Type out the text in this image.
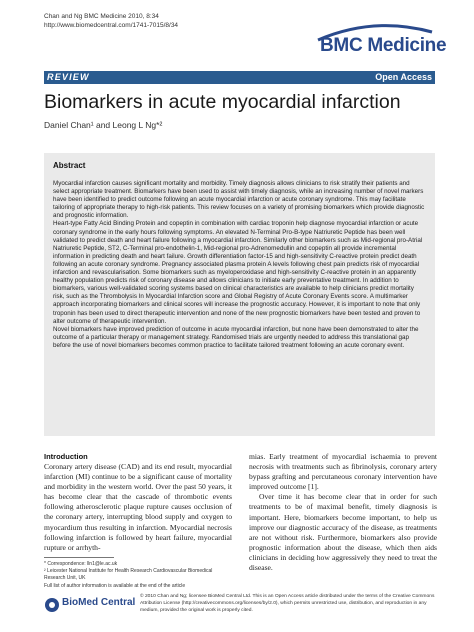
Chan and Ng BMC Medicine 2010, 8:34
http://www.biomedcentral.com/1741-7015/8/34
BMC Medicine
REVIEW	Open Access
Biomarkers in acute myocardial infarction
Daniel Chan¹ and Leong L Ng*²
Abstract

Myocardial infarction causes significant mortality and morbidity. Timely diagnosis allows clinicians to risk stratify their patients and select appropriate treatment. Biomarkers have been used to assist with timely diagnosis, while an increasing number of novel markers have been identified to predict outcome following an acute myocardial infarction or acute coronary syndrome. This may facilitate tailoring of appropriate therapy to high-risk patients. This review focuses on a variety of promising biomarkers which provide diagnostic and prognostic information.

Heart-type Fatty Acid Binding Protein and copeptin in combination with cardiac troponin help diagnose myocardial infarction or acute coronary syndrome in the early hours following symptoms. An elevated N-Terminal Pro-B-type Natriuretic Peptide has been well validated to predict death and heart failure following a myocardial infarction. Similarly other biomarkers such as Mid-regional pro-Atrial Natriuretic Peptide, ST2, C-Terminal pro-endothelin-1, Mid-regional pro-Adrenomedullin and copeptin all provide incremental information in predicting death and heart failure. Growth differentiation factor-15 and high-sensitivity C-reactive protein predict death following an acute coronary syndrome. Pregnancy associated plasma protein A levels following chest pain predicts risk of myocardial infarction and revascularisation. Some biomarkers such as myeloperoxidase and high-sensitivity C-reactive protein in an apparently healthy population predicts risk of coronary disease and allows clinicians to initiate early preventative treatment. In addition to biomarkers, various well-validated scoring systems based on clinical characteristics are available to help clinicians predict mortality risk, such as the Thrombolysis In Myocardial Infarction score and Global Registry of Acute Coronary Events score. A multimarker approach incorporating biomarkers and clinical scores will increase the prognostic accuracy. However, it is important to note that only troponin has been used to direct therapeutic intervention and none of the new prognostic biomarkers have been tested and proven to alter outcome of therapeutic intervention.

Novel biomarkers have improved prediction of outcome in acute myocardial infarction, but none have been demonstrated to alter the outcome of a particular therapy or management strategy. Randomised trials are urgently needed to address this translational gap before the use of novel biomarkers becomes common practice to facilitate tailored treatment following an acute coronary event.

Introduction
Coronary artery disease (CAD) and its end result, myocardial infarction (MI) continue to be a significant cause of mortality and morbidity in the western world. Over the past 50 years, it has become clear that the cascade of thrombotic events following atherosclerotic plaque rupture causes occlusion of the coronary artery, interrupting blood supply and oxygen to myocardium thus resulting in infarction. Myocardial necrosis following infarction is followed by heart failure, myocardial rupture or arrhyth-

mias. Early treatment of myocardial ischaemia to prevent necrosis with treatments such as fibrinolysis, coronary artery bypass grafting and percutaneous coronary intervention have improved outcome [1].

Over time it has become clear that in order for such treatments to be of maximal benefit, timely diagnosis is important. Here, biomarkers become important, to help us improve our diagnostic accuracy of the disease, as treatments are not without risk. Furthermore, biomarkers also provide prognostic information about the disease, which then aids clinicians in deciding how aggressively they need to treat the disease.

* Correspondence: lln1@le.ac.uk
² Leicester National Institute for Health Research Cardiovascular Biomedical
Research Unit, UK
Full list of author information is available at the end of the article
BioMed Central
© 2010 Chan and Ng; licensee BioMed Central Ltd. This is an Open Access article distributed under the terms of the Creative Commons Attribution License (http://creativecommons.org/licenses/by/2.0), which permits unrestricted use, distribution, and reproduction in any medium, provided the original work is properly cited.
